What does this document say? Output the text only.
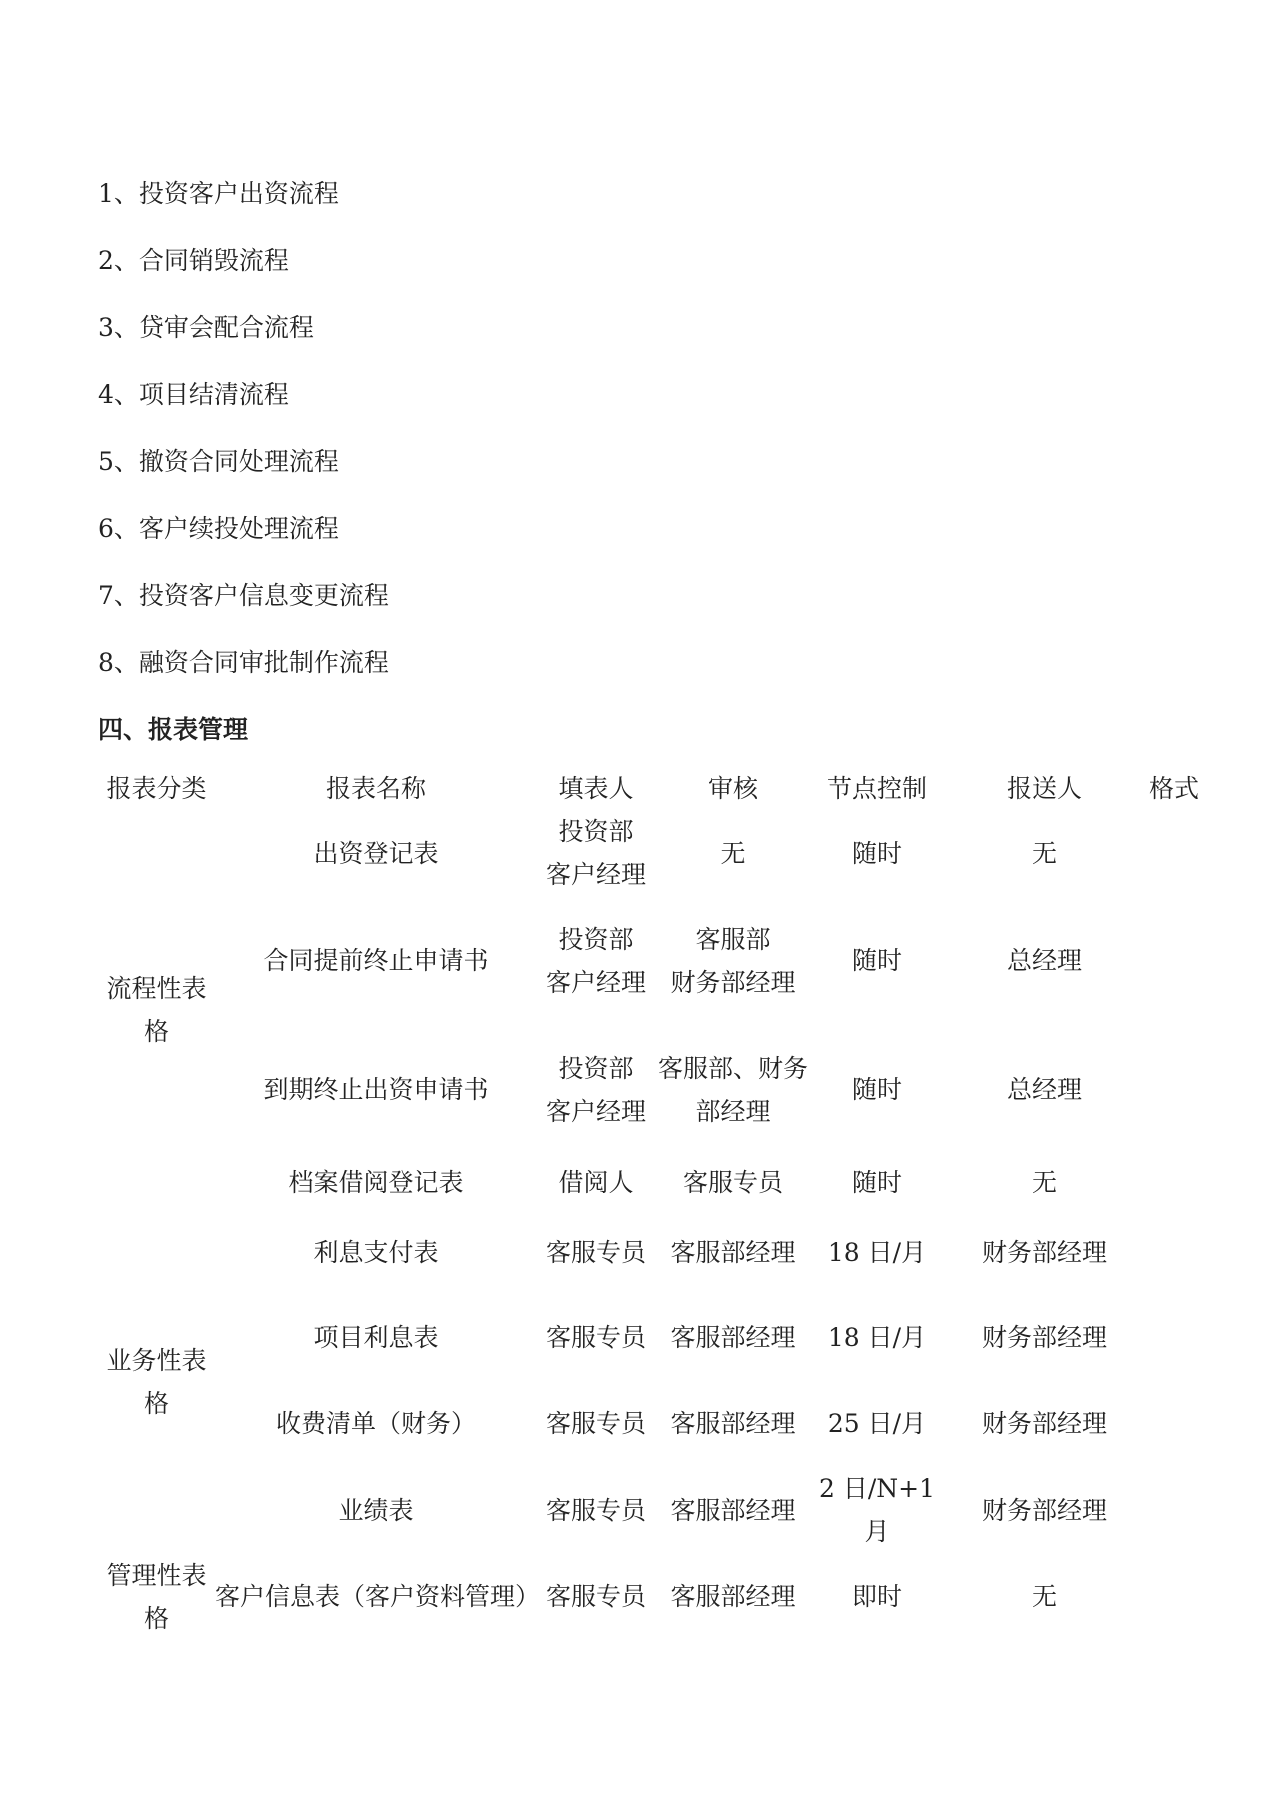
1、投资客户出资流程
2、合同销毁流程
3、贷审会配合流程
4、项目结清流程
5、撤资合同处理流程
6、客户续投处理流程
7、投资客户信息变更流程
8、融资合同审批制作流程
四、报表管理
报表分类	报表名称	填表人	审核	节点控制	报送人	格式
流程性表格	出资登记表	投资部
客户经理	无	随时	无	
	合同提前终止申请书	投资部
客户经理	客服部
财务部经理	随时	总经理	
	到期终止出资申请书	投资部
客户经理	客服部、财务部经理	随时	总经理	
	档案借阅登记表	借阅人	客服专员	随时	无	
业务性表格	利息支付表	客服专员	客服部经理	18 日/月	财务部经理	
	项目利息表	客服专员	客服部经理	18 日/月	财务部经理	
	收费清单（财务）	客服专员	客服部经理	25 日/月	财务部经理	
	业绩表	客服专员	客服部经理	2 日/N+1 月	财务部经理	
管理性表格	客户信息表（客户资料管理）	客服专员	客服部经理	即时	无	
